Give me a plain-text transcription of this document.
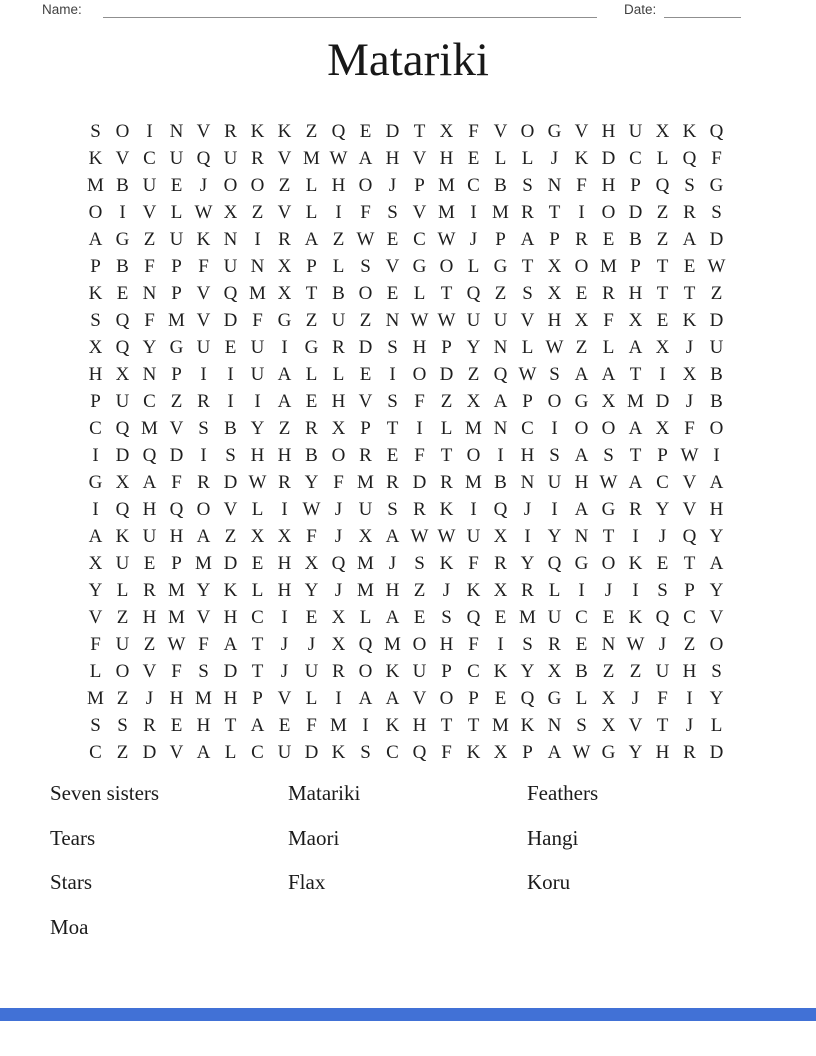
Name:	Date:
Matariki
S O I N V R K K Z Q E D T X F V O G V H U X K Q
K V C U Q U R V M W A H V H E L L J K D C L Q F
M B U E J O O Z L H O J P M C B S N F H P Q S G
O I V L W X Z V L I F S V M I M R T I O D Z R S
A G Z U K N I R A Z W E C W J P A P R E B Z A D
P B F P F U N X P L S V G O L G T X O M P T E W
K E N P V Q M X T B O E L T Q Z S X E R H T T Z
S Q F M V D F G Z U Z N W W U U V H X F X E K D
X Q Y G U E U I G R D S H P Y N L W Z L A X J U
H X N P I	I U A L L E I O D Z Q W S A A T I X B
P U C Z R I	I A E H V S F Z X A P O G X M D J B
C Q M V S B Y Z R X P T I L M N C I O O A X F O
I D Q D I S H H B O R E F T O I H S A S T P W I
G X A F R D W R Y F M R D R M B N U H W A C V A
I Q H Q O V L I W J U S R K I Q J	I A G R Y V H
A K U H A Z X X F J X A W W U X I Y N T I	J Q Y
X U E P M D E H X Q M J S K F R Y Q G O K E T A
Y L R M Y K L H Y J M H Z J K X R L I	J	I S P Y
V Z H M V H C I E X L A E S Q E M U C E K Q C V
F U Z W F A T J	J X Q M O H F I S R E N W J Z O
L O V F S D T J U R O K U P C K Y X B Z Z U H S
M Z J H M H P V L I A A V O P E Q G L X J F I Y
S S R E H T A E F M I K H T T M K N S X V T J L
C Z D V A L C U D K S C Q F K X P A W G Y H R D
Seven sisters
Tears
Stars
Moa
Matariki
Maori
Flax
Feathers
Hangi
Koru
